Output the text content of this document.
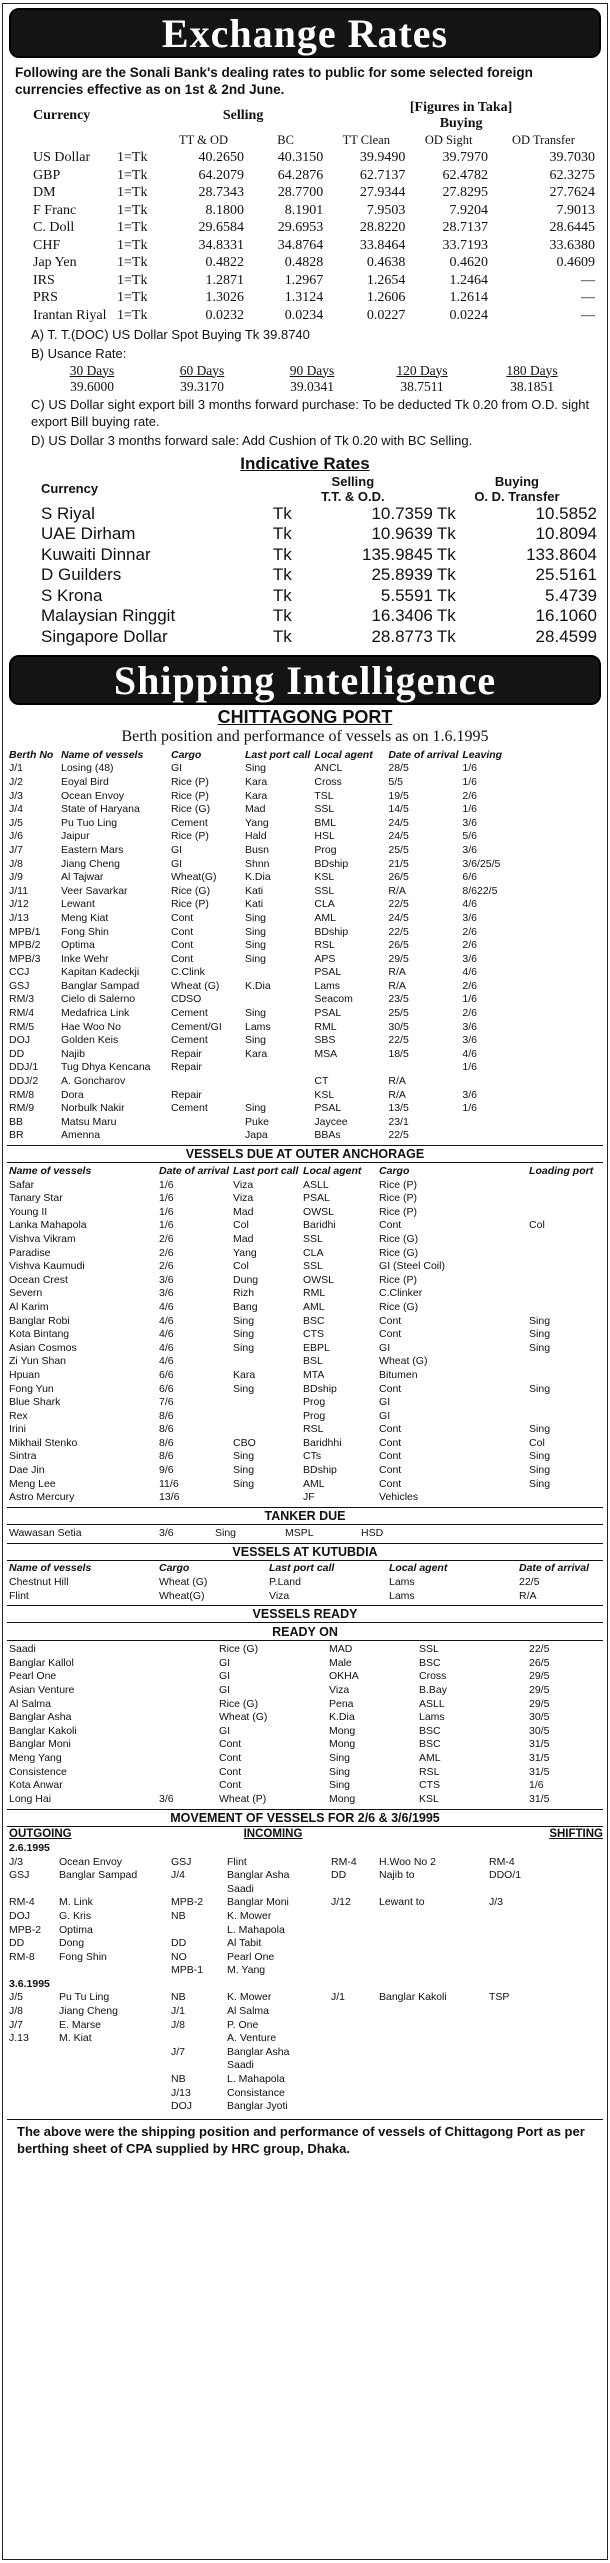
Exchange Rates
Following are the Sonali Bank's dealing rates to public for some selected foreign currencies effective as on 1st & 2nd June.
Currency		Selling		[Figures in Taka]
Buying		
		TT & OD	BC	TT Clean	OD Sight	OD Transfer
US Dollar	1=Tk	40.2650	40.3150	39.9490	39.7970	39.7030
GBP	1=Tk	64.2079	64.2876	62.7137	62.4782	62.3275
DM	1=Tk	28.7343	28.7700	27.9344	27.8295	27.7624
F Franc	1=Tk	8.1800	8.1901	7.9503	7.9204	7.9013
C. Doll	1=Tk	29.6584	29.6953	28.8220	28.7137	28.6445
CHF	1=Tk	34.8331	34.8764	33.8464	33.7193	33.6380
Jap Yen	1=Tk	0.4822	0.4828	0.4638	0.4620	0.4609
IRS	1=Tk	1.2871	1.2967	1.2654	1.2464	—
PRS	1=Tk	1.3026	1.3124	1.2606	1.2614	—
Irantan Riyal	1=Tk	0.0232	0.0234	0.0227	0.0224	—
A) T. T.(DOC) US Dollar Spot Buying Tk 39.8740
B) Usance Rate:
30 Days	60 Days	90 Days	120 Days	180 Days
39.6000	39.3170	39.0341	38.7511	38.1851
C) US Dollar sight export bill 3 months forward purchase: To be deducted Tk 0.20 from O.D. sight export Bill buying rate.
D) US Dollar 3 months forward sale: Add Cushion of Tk 0.20 with BC Selling.
Indicative Rates
Currency	Selling
T.T. & O.D.		Buying
O. D. Transfer	
S Riyal	Tk	10.7359	Tk	10.5852
UAE Dirham	Tk	10.9639	Tk	10.8094
Kuwaiti Dinnar	Tk	135.9845	Tk	133.8604
D Guilders	Tk	25.8939	Tk	25.5161
S Krona	Tk	5.5591	Tk	5.4739
Malaysian Ringgit	Tk	16.3406	Tk	16.1060
Singapore Dollar	Tk	28.8773	Tk	28.4599
Shipping Intelligence
CHITTAGONG PORT
Berth position and performance of vessels as on 1.6.1995
Berth No	Name of vessels	Cargo	Last port call	Local agent	Date of arrival	Leaving
J/1	Losing (48)	GI	Sing	ANCL	28/5	1/6
J/2	Eoyal Bird	Rice (P)	Kara	Cross	5/5	1/6
J/3	Ocean Envoy	Rice (P)	Kara	TSL	19/5	2/6
J/4	State of Haryana	Rice (G)	Mad	SSL	14/5	1/6
J/5	Pu Tuo Ling	Cement	Yang	BML	24/5	3/6
J/6	Jaipur	Rice (P)	Hald	HSL	24/5	5/6
J/7	Eastern Mars	GI	Busn	Prog	25/5	3/6
J/8	Jiang Cheng	GI	Shnn	BDship	21/5	3/6/25/5
J/9	Al Tajwar	Wheat(G)	K.Dia	KSL	26/5	6/6
J/11	Veer Savarkar	Rice (G)	Kati	SSL	R/A	8/622/5
J/12	Lewant	Rice (P)	Kati	CLA	22/5	4/6
J/13	Meng Kiat	Cont	Sing	AML	24/5	3/6
MPB/1	Fong Shin	Cont	Sing	BDship	22/5	2/6
MPB/2	Optima	Cont	Sing	RSL	26/5	2/6
MPB/3	Inke Wehr	Cont	Sing	APS	29/5	3/6
CCJ	Kapitan Kadeckji	C.Clink		PSAL	R/A	4/6
GSJ	Banglar Sampad	Wheat (G)	K.Dia	Lams	R/A	2/6
RM/3	Cielo di Salerno	CDSO		Seacom	23/5	1/6
RM/4	Medafrica Link	Cement	Sing	PSAL	25/5	2/6
RM/5	Hae Woo No	Cement/GI	Lams	RML	30/5	3/6
DOJ	Golden Keis	Cement	Sing	SBS	22/5	3/6
DD	Najib	Repair	Kara	MSA	18/5	4/6
DDJ/1	Tug Dhya Kencana	Repair				1/6
DDJ/2	A. Goncharov			CT	R/A	
RM/8	Dora	Repair		KSL	R/A	3/6
RM/9	Norbulk Nakir	Cement	Sing	PSAL	13/5	1/6
BB	Matsu Maru		Puke	Jaycee	23/1	
BR	Amenna		Japa	BBAs	22/5	
VESSELS DUE AT OUTER ANCHORAGE
Name of vessels	Date of arrival	Last port call	Local agent	Cargo	Loading port
Safar	1/6	Viza	ASLL	Rice (P)	
Tanary Star	1/6	Viza	PSAL	Rice (P)	
Young II	1/6	Mad	OWSL	Rice (P)	
Lanka Mahapola	1/6	Col	Baridhi	Cont	Col
Vishva Vikram	2/6	Mad	SSL	Rice (G)	
Paradise	2/6	Yang	CLA	Rice (G)	
Vishva Kaumudi	2/6	Col	SSL	GI (Steel Coil)	
Ocean Crest	3/6	Dung	OWSL	Rice (P)	
Severn	3/6	Rizh	RML	C.Clinker	
Al Karim	4/6	Bang	AML	Rice (G)	
Banglar Robi	4/6	Sing	BSC	Cont	Sing
Kota Bintang	4/6	Sing	CTS	Cont	Sing
Asian Cosmos	4/6	Sing	EBPL	GI	Sing
Zi Yun Shan	4/6		BSL	Wheat (G)	
Hpuan	6/6	Kara	MTA	Bitumen	
Fong Yun	6/6	Sing	BDship	Cont	Sing
Blue Shark	7/6		Prog	GI	
Rex	8/6		Prog	GI	
Irini	8/6		RSL	Cont	Sing
Mikhail Stenko	8/6	CBO	Baridhhi	Cont	Col
Sintra	8/6	Sing	CTs	Cont	Sing
Dae Jin	9/6	Sing	BDship	Cont	Sing
Meng Lee	11/6	Sing	AML	Cont	Sing
Astro Mercury	13/6		JF	Vehicles	
TANKER DUE
Wawasan Setia	3/6	Sing	MSPL	HSD	
VESSELS AT KUTUBDIA
Name of vessels	Cargo	Last port call	Local agent	Date of arrival
Chestnut Hill	Wheat (G)	P.Land	Lams	22/5
Flint	Wheat(G)	Viza	Lams	R/A
VESSELS READY
READY ON
Saadi		Rice (G)	MAD	SSL	22/5
Banglar Kallol		GI	Male	BSC	26/5
Pearl One		GI	OKHA	Cross	29/5
Asian Venture		GI	Viza	B.Bay	29/5
Al Salma		Rice (G)	Pena	ASLL	29/5
Banglar Asha		Wheat (G)	K.Dia	Lams	30/5
Banglar Kakoli		GI	Mong	BSC	30/5
Banglar Moni		Cont	Mong	BSC	31/5
Meng Yang		Cont	Sing	AML	31/5
Consistence		Cont	Sing	RSL	31/5
Kota Anwar		Cont	Sing	CTS	1/6
Long Hai	3/6	Wheat (P)	Mong	KSL	31/5
MOVEMENT OF VESSELS FOR 2/6 & 3/6/1995
OUTGOING		INCOMING			SHIFTING		
2.6.1995							
J/3	Ocean Envoy	GSJ	Flint	RM-4	H.Woo No 2	RM-4	
GSJ	Banglar Sampad	J/4	Banglar Asha	DD	Najib to	DDO/1	
			Saadi				
RM-4	M. Link	MPB-2	Banglar Moni	J/12	Lewant to	J/3	
DOJ	G. Kris	NB	K. Mower				
MPB-2	Optima		L. Mahapola				
DD	Dong	DD	Al Tabit				
RM-8	Fong Shin	NO	Pearl One				
		MPB-1	M. Yang				
3.6.1995							
J/5	Pu Tu Ling	NB	K. Mower	J/1	Banglar Kakoli	TSP	
J/8	Jiang Cheng	J/1	Al Salma				
J/7	E. Marse	J/8	P. One				
J.13	M. Kiat		A. Venture				
		J/7	Banglar Asha				
			Saadi				
		NB	L. Mahapola				
		J/13	Consistance				
		DOJ	Banglar Jyoti				
The above were the shipping position and performance of vessels of Chittagong Port as per berthing sheet of CPA supplied by HRC group, Dhaka.
